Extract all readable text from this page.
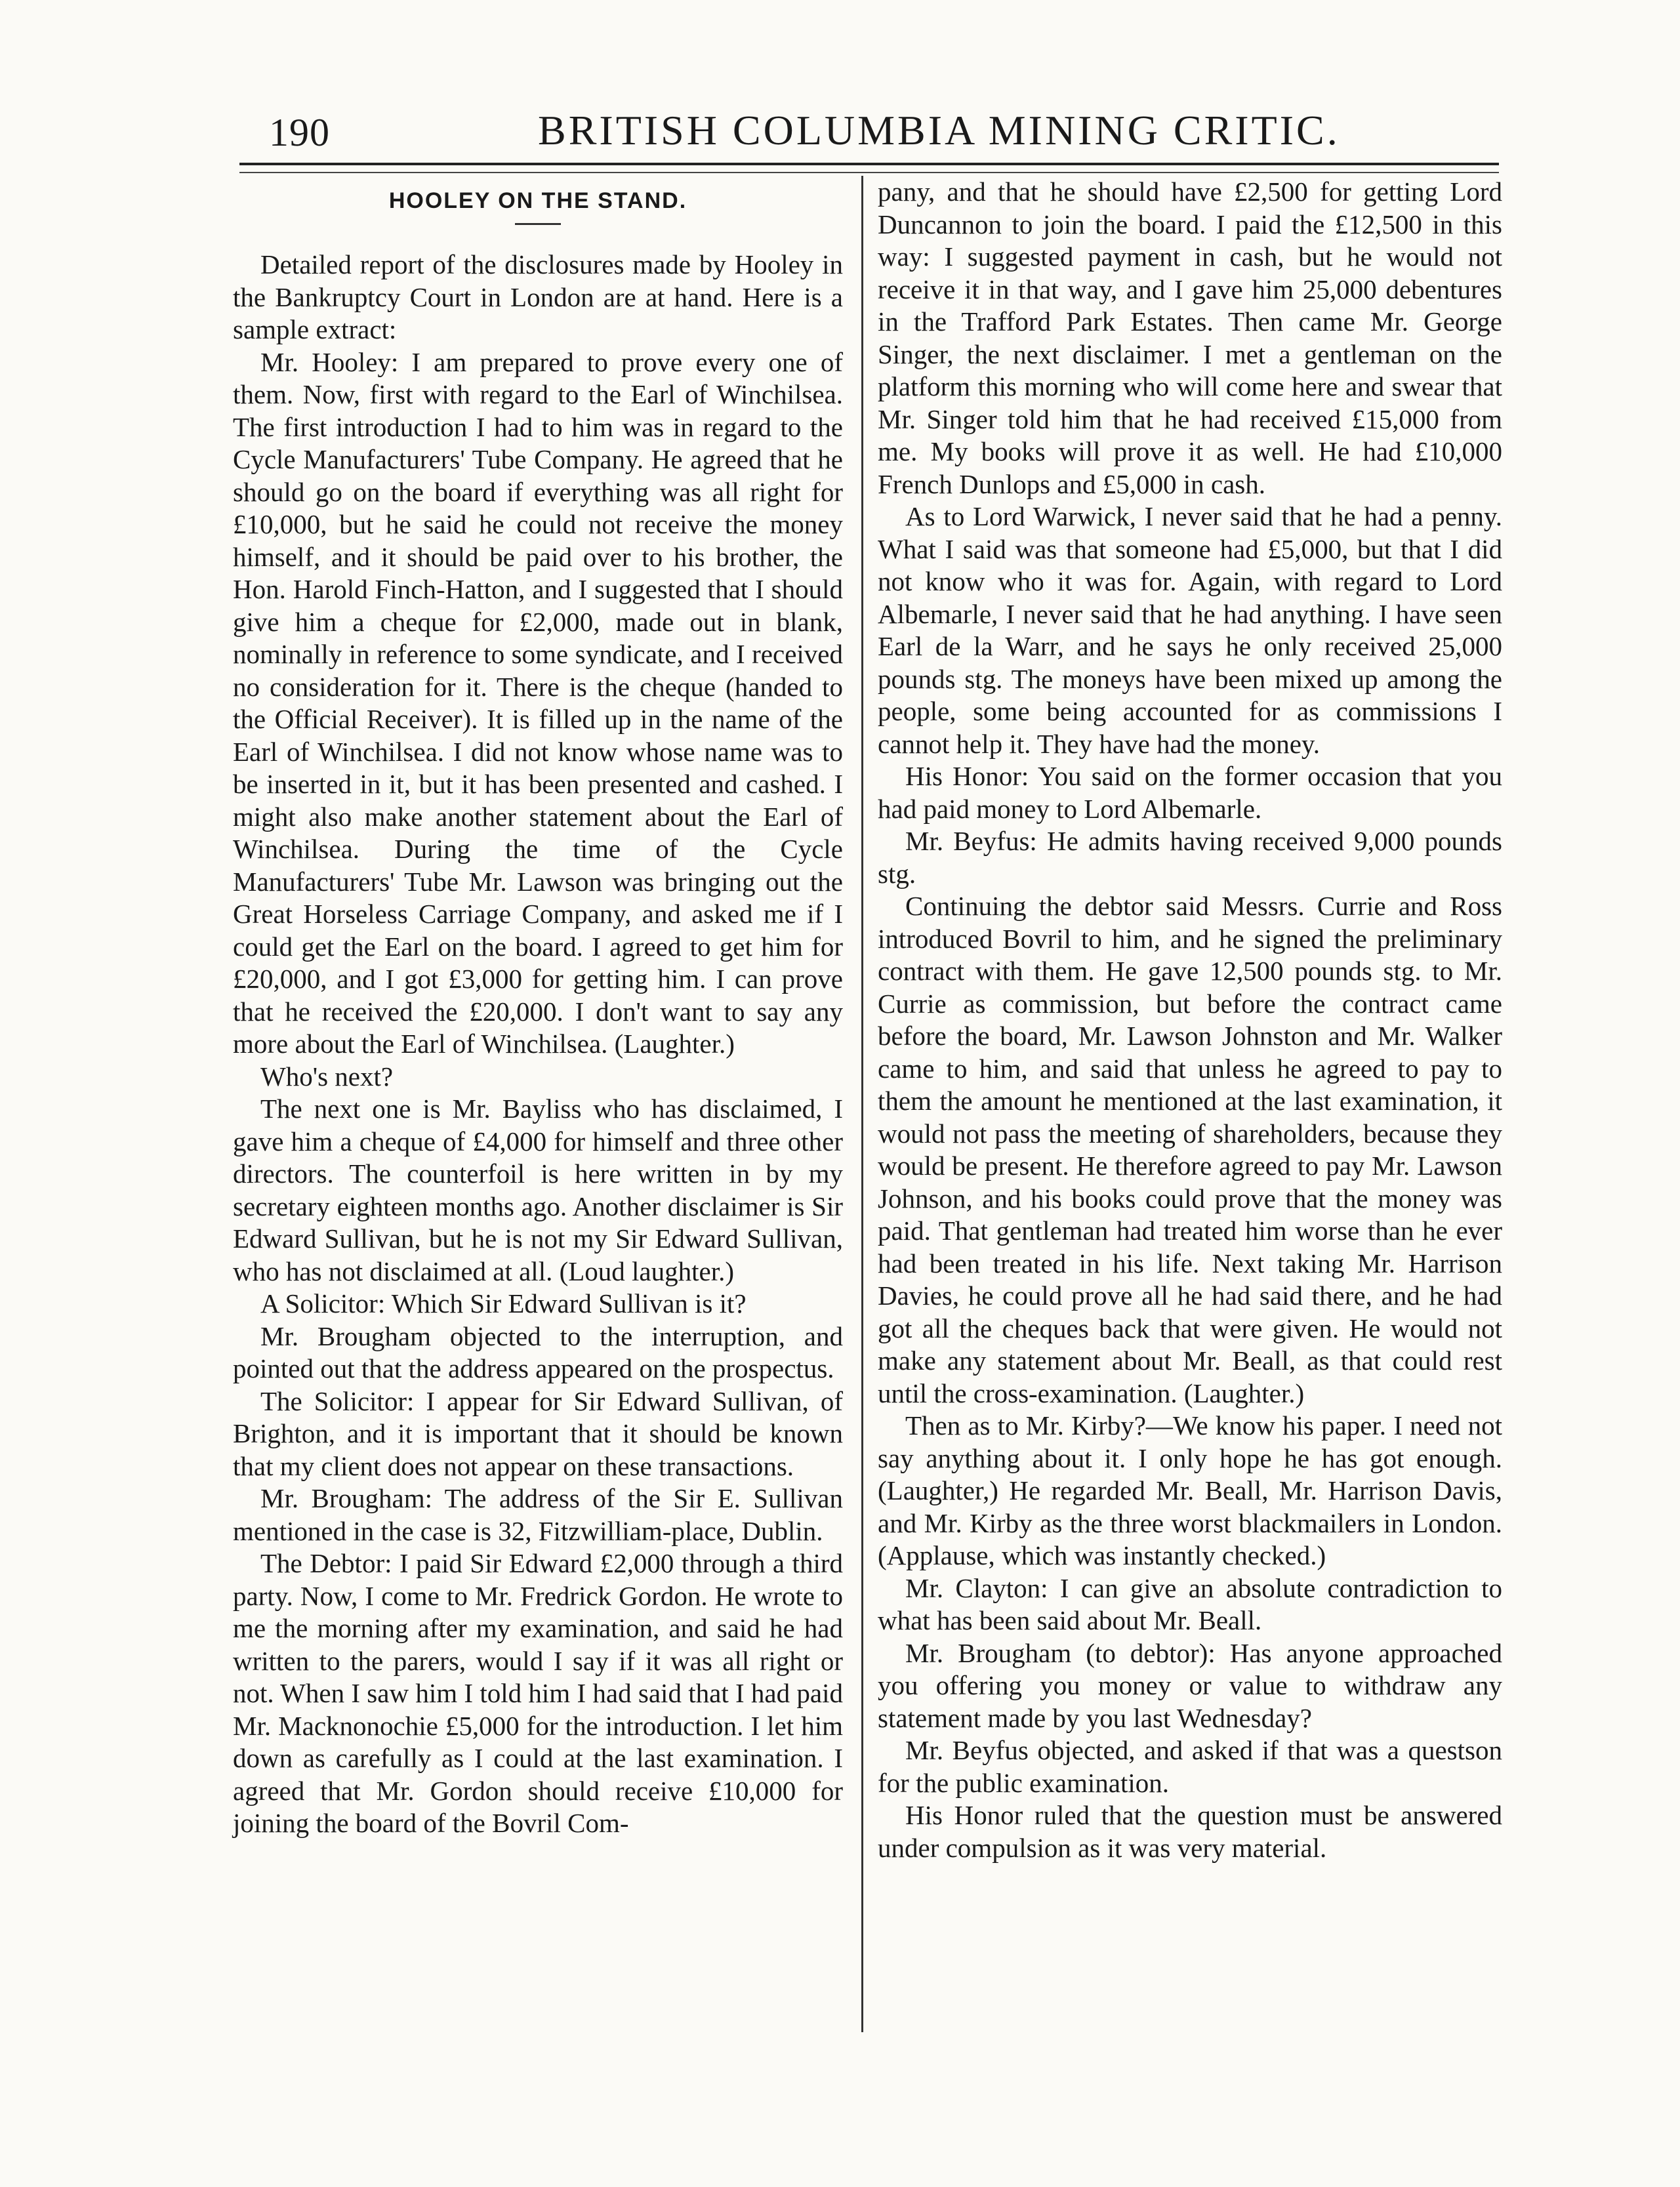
190	BRITISH COLUMBIA MINING CRITIC.
HOOLEY ON THE STAND.

Detailed report of the disclosures made by Hooley in the Bankruptcy Court in London are at hand. Here is a sample extract:

Mr. Hooley: I am prepared to prove every one of them. Now, first with regard to the Earl of Winchilsea. The first introduction I had to him was in regard to the Cycle Manufacturers' Tube Company. He agreed that he should go on the board if everything was all right for £10,000, but he said he could not receive the money himself, and it should be paid over to his brother, the Hon. Harold Finch-Hatton, and I suggested that I should give him a cheque for £2,000, made out in blank, nominally in reference to some syndicate, and I received no consideration for it. There is the cheque (handed to the Official Receiver). It is filled up in the name of the Earl of Winchilsea. I did not know whose name was to be inserted in it, but it has been presented and cashed. I might also make another statement about the Earl of Winchilsea. During the time of the Cycle Manufacturers' Tube Mr. Lawson was bringing out the Great Horseless Carriage Company, and asked me if I could get the Earl on the board. I agreed to get him for £20,000, and I got £3,000 for getting him. I can prove that he received the £20,000. I don't want to say any more about the Earl of Winchilsea. (Laughter.)

Who's next?

The next one is Mr. Bayliss who has disclaimed, I gave him a cheque of £4,000 for himself and three other directors. The counterfoil is here written in by my secretary eighteen months ago. Another disclaimer is Sir Edward Sullivan, but he is not my Sir Edward Sullivan, who has not disclaimed at all. (Loud laughter.)

A Solicitor: Which Sir Edward Sullivan is it?

Mr. Brougham objected to the interruption, and pointed out that the address appeared on the prospectus.

The Solicitor: I appear for Sir Edward Sullivan, of Brighton, and it is important that it should be known that my client does not appear on these transactions.

Mr. Brougham: The address of the Sir E. Sullivan mentioned in the case is 32, Fitzwilliam-place, Dublin.

The Debtor: I paid Sir Edward £2,000 through a third party. Now, I come to Mr. Fredrick Gordon. He wrote to me the morning after my examination, and said he had written to the parers, would I say if it was all right or not. When I saw him I told him I had said that I had paid Mr. Macknonochie £5,000 for the introduction. I let him down as carefully as I could at the last examination. I agreed that Mr. Gordon should receive £10,000 for joining the board of the Bovril Com-

pany, and that he should have £2,500 for getting Lord Duncannon to join the board. I paid the £12,500 in this way: I suggested payment in cash, but he would not receive it in that way, and I gave him 25,000 debentures in the Trafford Park Estates. Then came Mr. George Singer, the next disclaimer. I met a gentleman on the platform this morning who will come here and swear that Mr. Singer told him that he had received £15,000 from me. My books will prove it as well. He had £10,000 French Dunlops and £5,000 in cash.

As to Lord Warwick, I never said that he had a penny. What I said was that someone had £5,000, but that I did not know who it was for. Again, with regard to Lord Albemarle, I never said that he had anything. I have seen Earl de la Warr, and he says he only received 25,000 pounds stg. The moneys have been mixed up among the people, some being accounted for as commissions I cannot help it. They have had the money.

His Honor: You said on the former occasion that you had paid money to Lord Albemarle.

Mr. Beyfus: He admits having received 9,000 pounds stg.

Continuing the debtor said Messrs. Currie and Ross introduced Bovril to him, and he signed the preliminary contract with them. He gave 12,500 pounds stg. to Mr. Currie as commission, but before the contract came before the board, Mr. Lawson Johnston and Mr. Walker came to him, and said that unless he agreed to pay to them the amount he mentioned at the last examination, it would not pass the meeting of shareholders, because they would be present. He therefore agreed to pay Mr. Lawson Johnson, and his books could prove that the money was paid. That gentleman had treated him worse than he ever had been treated in his life. Next taking Mr. Harrison Davies, he could prove all he had said there, and he had got all the cheques back that were given. He would not make any statement about Mr. Beall, as that could rest until the cross-examination. (Laughter.)

Then as to Mr. Kirby?—We know his paper. I need not say anything about it. I only hope he has got enough. (Laughter,) He regarded Mr. Beall, Mr. Harrison Davis, and Mr. Kirby as the three worst blackmailers in London. (Applause, which was instantly checked.)

Mr. Clayton: I can give an absolute contradiction to what has been said about Mr. Beall.

Mr. Brougham (to debtor): Has anyone approached you offering you money or value to withdraw any statement made by you last Wednesday?

Mr. Beyfus objected, and asked if that was a questson for the public examination.

His Honor ruled that the question must be answered under compulsion as it was very material.
